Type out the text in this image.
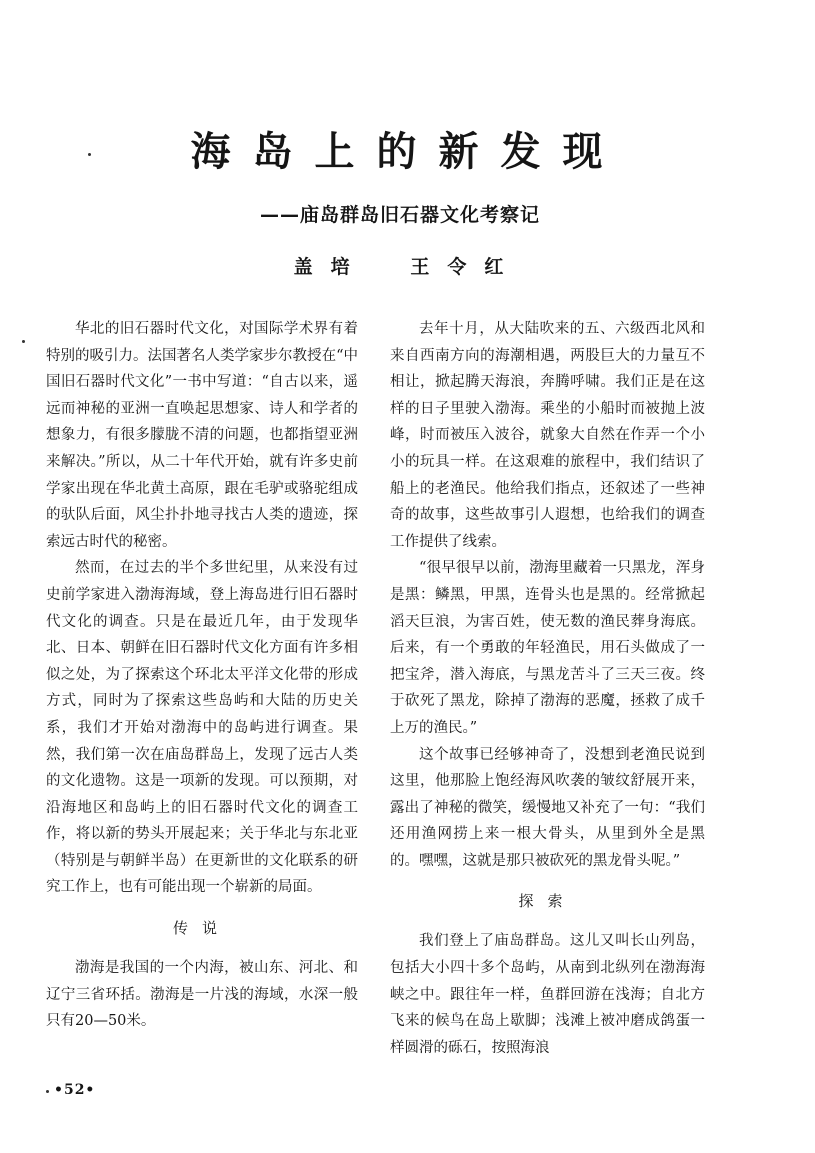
海岛上的新发现
——庙岛群岛旧石器文化考察记
盖培 王令红

华北的旧石器时代文化，对国际学术界有着特别的吸引力。法国著名人类学家步尔教授在“中国旧石器时代文化”一书中写道：“自古以来，遥远而神秘的亚洲一直唤起思想家、诗人和学者的想象力，有很多朦胧不清的问题，也都指望亚洲来解决。”所以，从二十年代开始，就有许多史前学家出现在华北黄土高原，跟在毛驴或骆驼组成的驮队后面，风尘扑扑地寻找古人类的遗迹，探索远古时代的秘密。

然而，在过去的半个多世纪里，从来没有过史前学家进入渤海海域，登上海岛进行旧石器时代文化的调查。只是在最近几年，由于发现华北、日本、朝鲜在旧石器时代文化方面有许多相似之处，为了探索这个环北太平洋文化带的形成方式，同时为了探索这些岛屿和大陆的历史关系，我们才开始对渤海中的岛屿进行调查。果然，我们第一次在庙岛群岛上，发现了远古人类的文化遗物。这是一项新的发现。可以预期，对沿海地区和岛屿上的旧石器时代文化的调查工作，将以新的势头开展起来；关于华北与东北亚（特别是与朝鲜半岛）在更新世的文化联系的研究工作上，也有可能出现一个崭新的局面。

传说

渤海是我国的一个内海，被山东、河北、和辽宁三省环括。渤海是一片浅的海域，水深一般只有20—50米。

去年十月，从大陆吹来的五、六级西北风和来自西南方向的海潮相遇，两股巨大的力量互不相让，掀起腾天海浪，奔腾呼啸。我们正是在这样的日子里驶入渤海。乘坐的小船时而被抛上波峰，时而被压入波谷，就象大自然在作弄一个小小的玩具一样。在这艰难的旅程中，我们结识了船上的老渔民。他给我们指点，还叙述了一些神奇的故事，这些故事引人遐想，也给我们的调查工作提供了线索。

“很早很早以前，渤海里藏着一只黑龙，浑身是黑：鳞黑，甲黑，连骨头也是黑的。经常掀起滔天巨浪，为害百姓，使无数的渔民葬身海底。后来，有一个勇敢的年轻渔民，用石头做成了一把宝斧，潜入海底，与黑龙苦斗了三天三夜。终于砍死了黑龙，除掉了渤海的恶魔，拯救了成千上万的渔民。”

这个故事已经够神奇了，没想到老渔民说到这里，他那脸上饱经海风吹袭的皱纹舒展开来，露出了神秘的微笑，缓慢地又补充了一句：“我们还用渔网捞上来一根大骨头，从里到外全是黑的。嘿嘿，这就是那只被砍死的黑龙骨头呢。”

探索

我们登上了庙岛群岛。这儿又叫长山列岛，包括大小四十多个岛屿，从南到北纵列在渤海海峡之中。跟往年一样，鱼群回游在浅海；自北方飞来的候鸟在岛上歇脚；浅滩上被冲磨成鸽蛋一样圆滑的砾石，按照海浪

•52•
